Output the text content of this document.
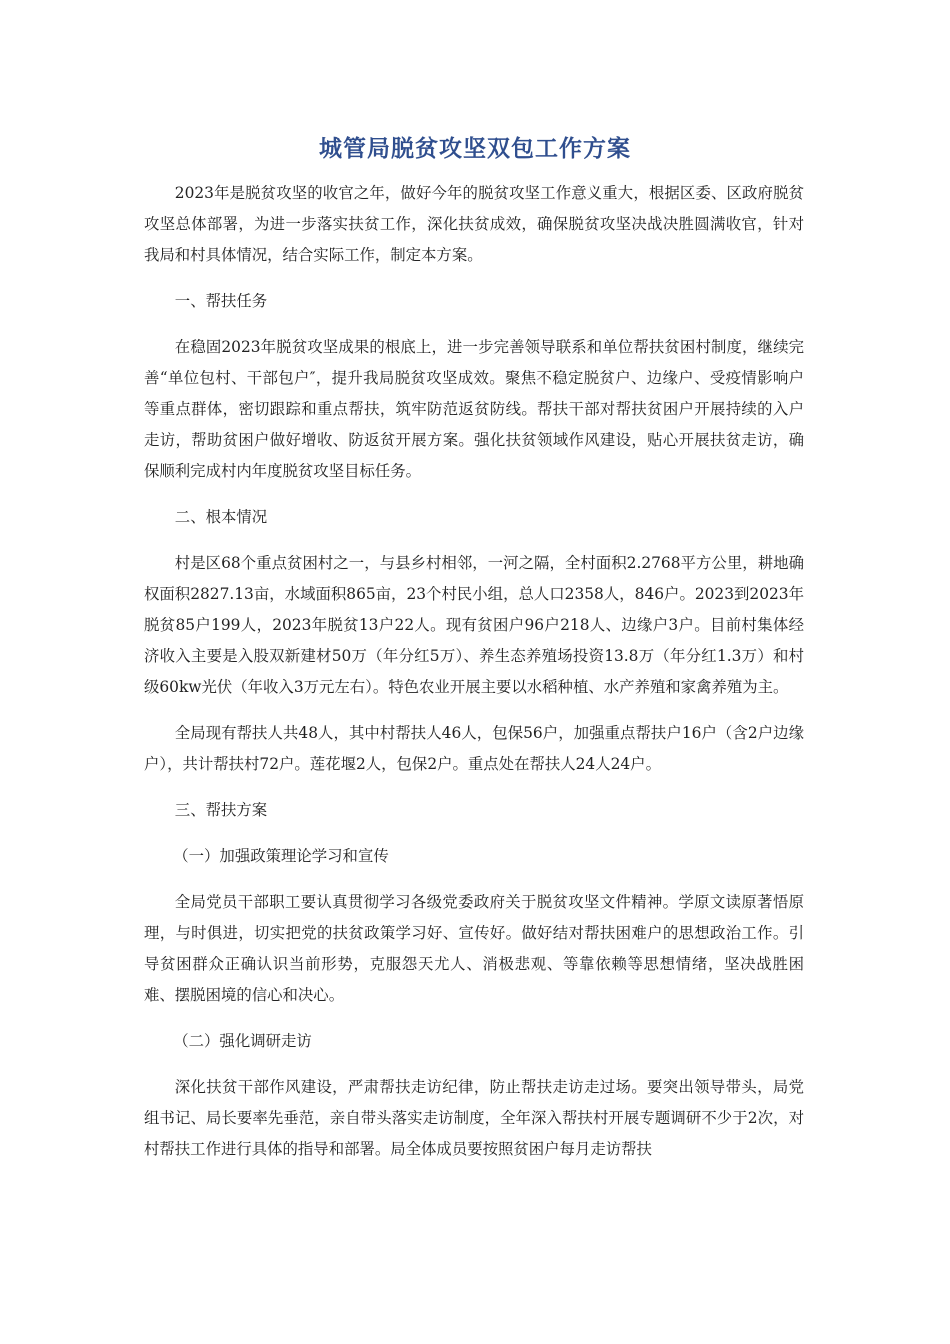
城管局脱贫攻坚双包工作方案

2023年是脱贫攻坚的收官之年，做好今年的脱贫攻坚工作意义重大，根据区委、区政府脱贫攻坚总体部署，为进一步落实扶贫工作，深化扶贫成效，确保脱贫攻坚决战决胜圆满收官，针对我局和村具体情况，结合实际工作，制定本方案。

一、帮扶任务

在稳固2023年脱贫攻坚成果的根底上，进一步完善领导联系和单位帮扶贫困村制度，继续完善“单位包村、干部包户″，提升我局脱贫攻坚成效。聚焦不稳定脱贫户、边缘户、受疫情影响户等重点群体，密切跟踪和重点帮扶，筑牢防范返贫防线。帮扶干部对帮扶贫困户开展持续的入户走访，帮助贫困户做好增收、防返贫开展方案。强化扶贫领域作风建设，贴心开展扶贫走访，确保顺利完成村内年度脱贫攻坚目标任务。

二、根本情况

村是区68个重点贫困村之一，与县乡村相邻，一河之隔，全村面积2.2768平方公里，耕地确权面积2827.13亩，水域面积865亩，23个村民小组，总人口2358人，846户。2023到2023年脱贫85户199人，2023年脱贫13户22人。现有贫困户96户218人、边缘户3户。目前村集体经济收入主要是入股双新建材50万（年分红5万）、养生态养殖场投资13.8万（年分红1.3万）和村级60kw光伏（年收入3万元左右）。特色农业开展主要以水稻种植、水产养殖和家禽养殖为主。

全局现有帮扶人共48人，其中村帮扶人46人，包保56户，加强重点帮扶户16户（含2户边缘户），共计帮扶村72户。莲花堰2人，包保2户。重点处在帮扶人24人24户。

三、帮扶方案

（一）加强政策理论学习和宣传

全局党员干部职工要认真贯彻学习各级党委政府关于脱贫攻坚文件精神。学原文读原著悟原理，与时俱进，切实把党的扶贫政策学习好、宣传好。做好结对帮扶困难户的思想政治工作。引导贫困群众正确认识当前形势，克服怨天尤人、消极悲观、等靠依赖等思想情绪，坚决战胜困难、摆脱困境的信心和决心。

（二）强化调研走访

深化扶贫干部作风建设，严肃帮扶走访纪律，防止帮扶走访走过场。要突出领导带头，局党组书记、局长要率先垂范，亲自带头落实走访制度，全年深入帮扶村开展专题调研不少于2次，对村帮扶工作进行具体的指导和部署。局全体成员要按照贫困户每月走访帮扶
